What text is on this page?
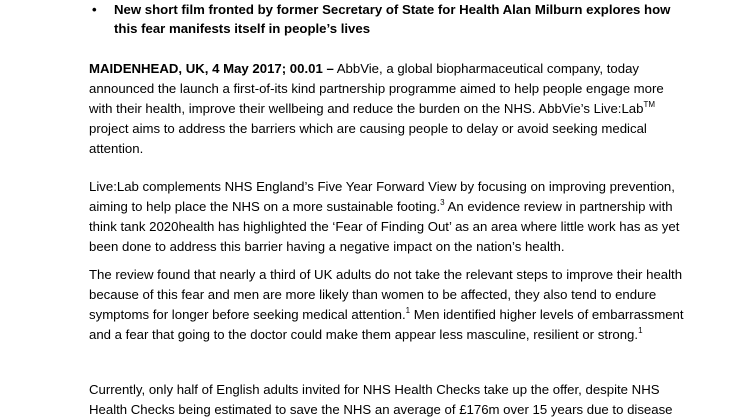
• New short film fronted by former Secretary of State for Health Alan Milburn explores how this fear manifests itself in people’s lives

MAIDENHEAD, UK, 4 May 2017; 00.01 – AbbVie, a global biopharmaceutical company, today announced the launch a first-of-its kind partnership programme aimed to help people engage more with their health, improve their wellbeing and reduce the burden on the NHS. AbbVie’s Live:Lab™ project aims to address the barriers which are causing people to delay or avoid seeking medical attention.

Live:Lab complements NHS England’s Five Year Forward View by focusing on improving prevention, aiming to help place the NHS on a more sustainable footing.$^3$ An evidence review in partnership with think tank 2020health has highlighted the ‘Fear of Finding Out’ as an area where little work has as yet been done to address this barrier having a negative impact on the nation’s health.

The review found that nearly a third of UK adults do not take the relevant steps to improve their health because of this fear and men are more likely than women to be affected, they also tend to endure symptoms for longer before seeking medical attention.$^1$ Men identified higher levels of embarrassment and a fear that going to the doctor could make them appear less masculine, resilient or strong.$^1$

Currently, only half of English adults invited for NHS Health Checks take up the offer, despite NHS Health Checks being estimated to save the NHS an average of £176m over 15 years due to disease
